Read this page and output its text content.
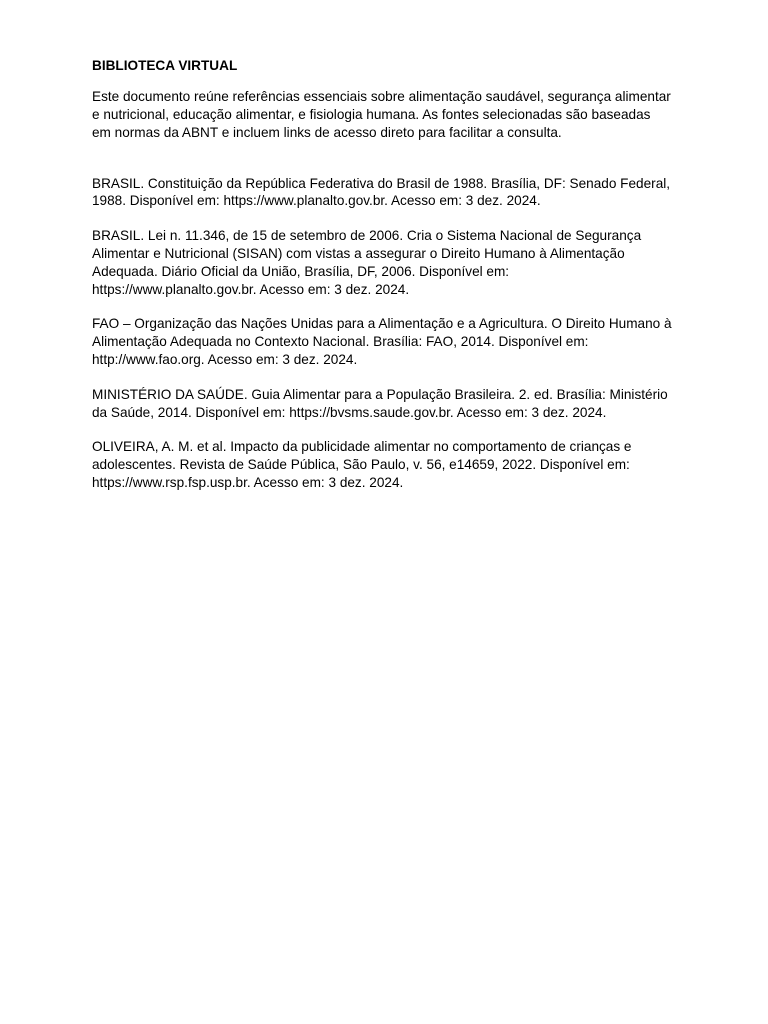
BIBLIOTECA VIRTUAL

Este documento reúne referências essenciais sobre alimentação saudável, segurança alimentar e nutricional, educação alimentar, e fisiologia humana. As fontes selecionadas são baseadas em normas da ABNT e incluem links de acesso direto para facilitar a consulta.

BRASIL. Constituição da República Federativa do Brasil de 1988. Brasília, DF: Senado Federal, 1988. Disponível em: https://www.planalto.gov.br. Acesso em: 3 dez. 2024.
BRASIL. Lei n. 11.346, de 15 de setembro de 2006. Cria o Sistema Nacional de Segurança Alimentar e Nutricional (SISAN) com vistas a assegurar o Direito Humano à Alimentação Adequada. Diário Oficial da União, Brasília, DF, 2006. Disponível em: https://www.planalto.gov.br. Acesso em: 3 dez. 2024.
FAO – Organização das Nações Unidas para a Alimentação e a Agricultura. O Direito Humano à Alimentação Adequada no Contexto Nacional. Brasília: FAO, 2014. Disponível em: http://www.fao.org. Acesso em: 3 dez. 2024.
MINISTÉRIO DA SAÚDE. Guia Alimentar para a População Brasileira. 2. ed. Brasília: Ministério da Saúde, 2014. Disponível em: https://bvsms.saude.gov.br. Acesso em: 3 dez. 2024.
OLIVEIRA, A. M. et al. Impacto da publicidade alimentar no comportamento de crianças e adolescentes. Revista de Saúde Pública, São Paulo, v. 56, e14659, 2022. Disponível em: https://www.rsp.fsp.usp.br. Acesso em: 3 dez. 2024.
